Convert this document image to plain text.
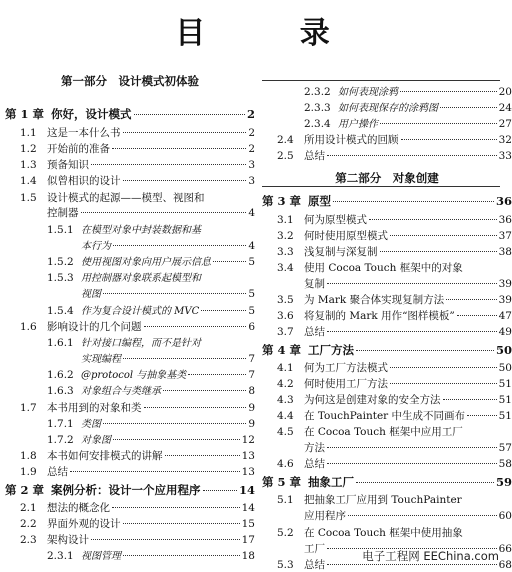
目 录
第一部分　设计模式初体验
第 1 章 你好，设计模式	2
1.1 这是一本什么书	2
1.2 开始前的准备	2
1.3 预备知识	3
1.4 似曾相识的设计	3
1.5 设计模式的起源——模型、视图和
控制器	4
1.5.1 在模型对象中封装数据和基
本行为	4
1.5.2 使用视图对象向用户展示信息	5
1.5.3 用控制器对象联系起模型和
视图	5
1.5.4 作为复合设计模式的 MVC	5
1.6 影响设计的几个问题	6
1.6.1 针对接口编程，而不是针对
实现编程	7
1.6.2 @protocol 与抽象基类	7
1.6.3 对象组合与类继承	8
1.7 本书用到的对象和类	9
1.7.1 类图	9
1.7.2 对象图	12
1.8 本书如何安排模式的讲解	13
1.9 总结	13
第 2 章 案例分析：设计一个应用程序	14
2.1 想法的概念化	14
2.2 界面外观的设计	15
2.3 架构设计	17
2.3.1 视图管理	18
2.3.2 如何表现涂鸦	20
2.3.3 如何表现保存的涂鸦图	24
2.3.4 用户操作	27
2.4 所用设计模式的回顾	32
2.5 总结	33
第二部分　对象创建
第 3 章 原型	36
3.1 何为原型模式	36
3.2 何时使用原型模式	37
3.3 浅复制与深复制	38
3.4 使用 Cocoa Touch 框架中的对象
复制	39
3.5 为 Mark 聚合体实现复制方法	39
3.6 将复制的 Mark 用作“图样模板”	47
3.7 总结	49
第 4 章 工厂方法	50
4.1 何为工厂方法模式	50
4.2 何时使用工厂方法	51
4.3 为何这是创建对象的安全方法	51
4.4 在 TouchPainter 中生成不同画布	51
4.5 在 Cocoa Touch 框架中应用工厂
方法	57
4.6 总结	58
第 5 章 抽象工厂	59
5.1 把抽象工厂应用到 TouchPainter
应用程序	60
5.2 在 Cocoa Touch 框架中使用抽象
工厂	66
5.3 总结	68
电子工程网 EEChina.com
